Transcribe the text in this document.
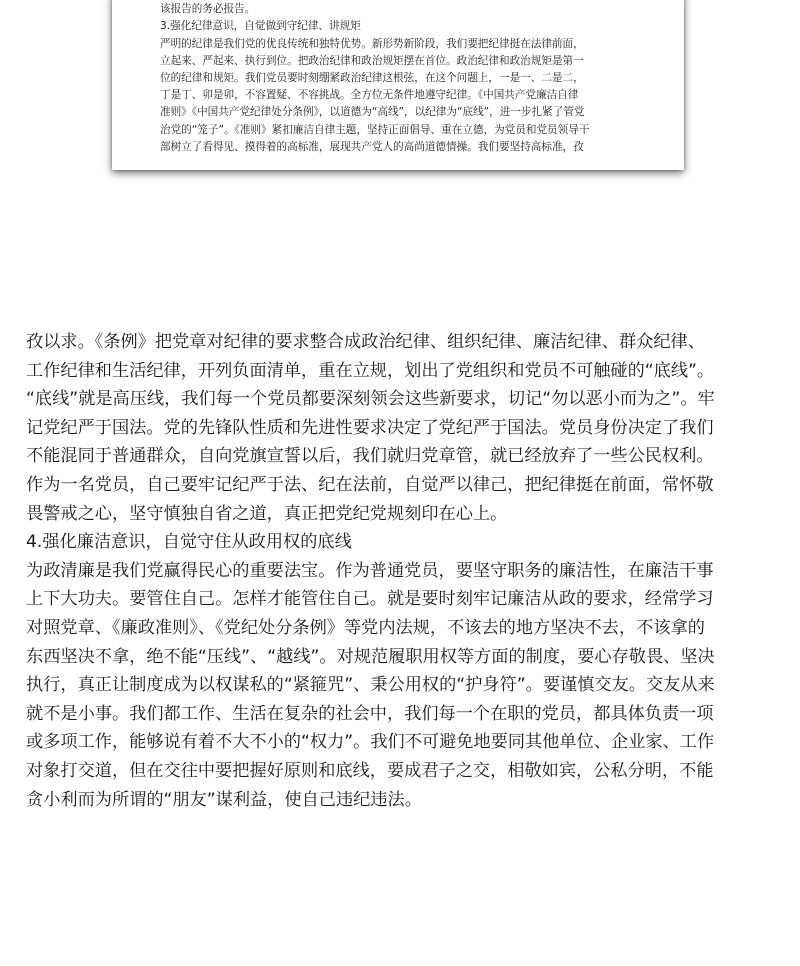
该报告的务必报告。
3.强化纪律意识，自觉做到守纪律、讲规矩
严明的纪律是我们党的优良传统和独特优势。新形势新阶段，我们要把纪律挺在法律前面，
立起来、严起来、执行到位。把政治纪律和政治规矩摆在首位。政治纪律和政治规矩是第一
位的纪律和规矩。我们党员要时刻绷紧政治纪律这根弦，在这个问题上，一是一、二是二，
丁是丁、卯是卯，不容置疑、不容挑战。全方位无条件地遵守纪律。《中国共产党廉洁自律
准则》《中国共产党纪律处分条例》，以道德为“高线”，以纪律为“底线”，进一步扎紧了管党
治党的“笼子”。《准则》紧扣廉洁自律主题，坚持正面倡导、重在立德，为党员和党员领导干
部树立了看得见、摸得着的高标准，展现共产党人的高尚道德情操。我们要坚持高标准，孜
孜以求。《条例》把党章对纪律的要求整合成政治纪律、组织纪律、廉洁纪律、群众纪律、
工作纪律和生活纪律，开列负面清单，重在立规，划出了党组织和党员不可触碰的“底线”。
“底线”就是高压线，我们每一个党员都要深刻领会这些新要求，切记“勿以恶小而为之”。牢
记党纪严于国法。党的先锋队性质和先进性要求决定了党纪严于国法。党员身份决定了我们
不能混同于普通群众，自向党旗宣誓以后，我们就归党章管，就已经放弃了一些公民权利。
作为一名党员，自己要牢记纪严于法、纪在法前，自觉严以律己，把纪律挺在前面，常怀敬
畏警戒之心，坚守慎独自省之道，真正把党纪党规刻印在心上。
4.强化廉洁意识，自觉守住从政用权的底线
为政清廉是我们党赢得民心的重要法宝。作为普通党员，要坚守职务的廉洁性，在廉洁干事
上下大功夫。要管住自己。怎样才能管住自己。就是要时刻牢记廉洁从政的要求，经常学习
对照党章、《廉政准则》、《党纪处分条例》等党内法规，不该去的地方坚决不去，不该拿的
东西坚决不拿，绝不能“压线”、“越线”。对规范履职用权等方面的制度，要心存敬畏、坚决
执行，真正让制度成为以权谋私的“紧箍咒”、秉公用权的“护身符”。要谨慎交友。交友从来
就不是小事。我们都工作、生活在复杂的社会中，我们每一个在职的党员，都具体负责一项
或多项工作，能够说有着不大不小的“权力”。我们不可避免地要同其他单位、企业家、工作
对象打交道，但在交往中要把握好原则和底线，要成君子之交，相敬如宾，公私分明，不能
贪小利而为所谓的“朋友”谋利益，使自己违纪违法。
